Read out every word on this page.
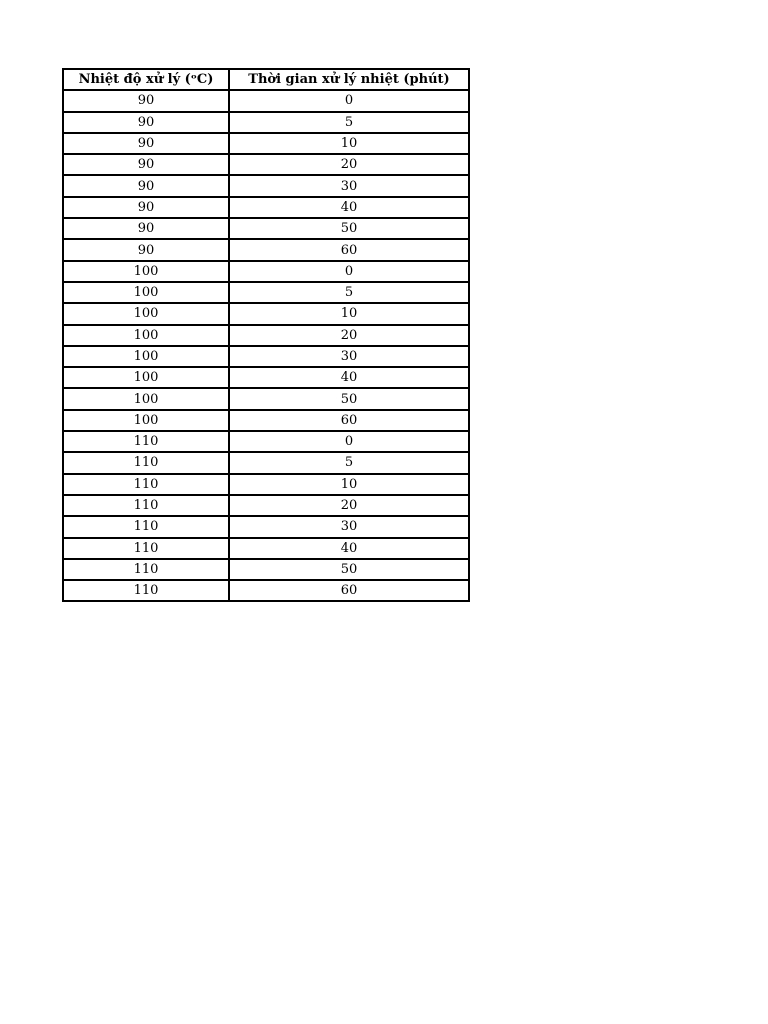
Nhiệt độ xử lý (ᵒC)	Thời gian xử lý nhiệt (phút)
90	0
90	5
90	10
90	20
90	30
90	40
90	50
90	60
100	0
100	5
100	10
100	20
100	30
100	40
100	50
100	60
110	0
110	5
110	10
110	20
110	30
110	40
110	50
110	60
